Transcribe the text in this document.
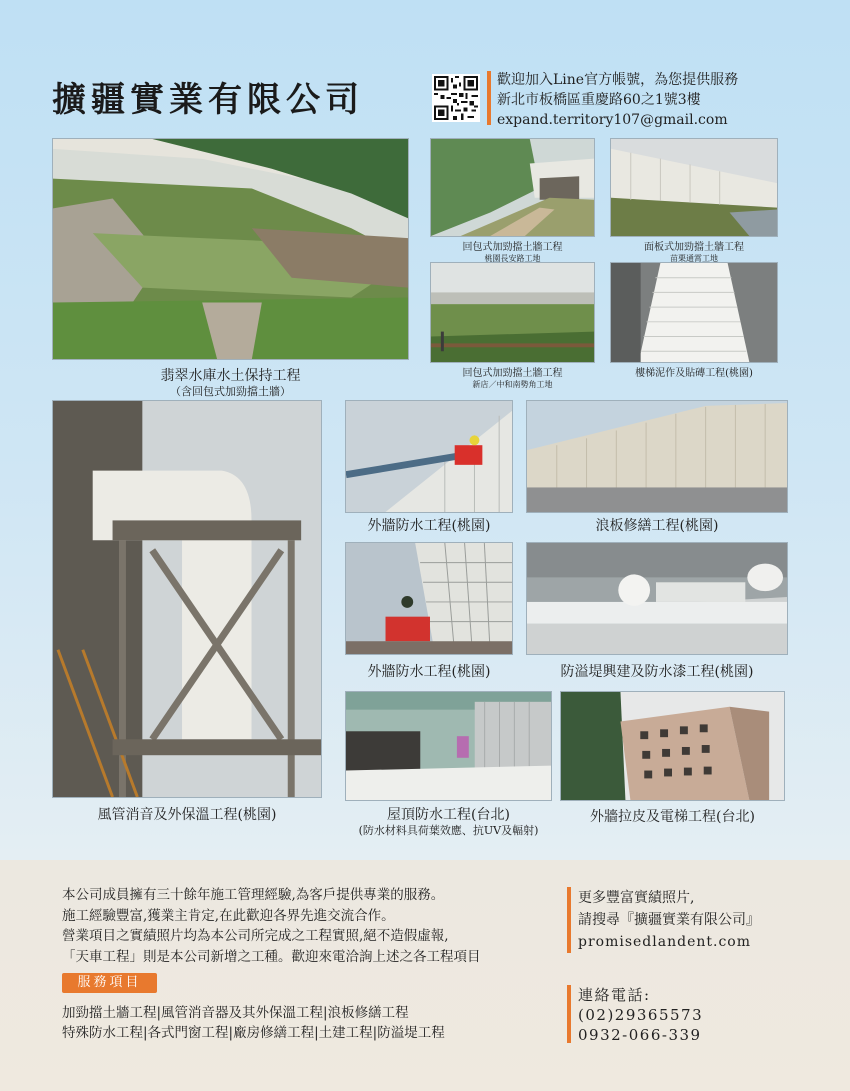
擴疆實業有限公司	歡迎加入Line官方帳號，為您提供服務
新北市板橋區重慶路60之1號3樓
expand.territory107@gmail.com
翡翠水庫水土保持工程
（含回包式加勁擋土牆）
回包式加勁擋土牆工程
桃園長安路工地
面板式加勁擋土牆工程
苗栗通霄工地
回包式加勁擋土牆工程
新店／中和南勢角工地
樓梯泥作及貼磚工程(桃園)
風管消音及外保溫工程(桃園)
外牆防水工程(桃園)	浪板修繕工程(桃園)
外牆防水工程(桃園)	防溢堤興建及防水漆工程(桃園)
屋頂防水工程(台北)
(防水材料具荷葉效應、抗UV及輻射)
外牆拉皮及電梯工程(台北)

本公司成員擁有三十餘年施工管理經驗,為客戶提供專業的服務。

施工經驗豐富,獲業主肯定,在此歡迎各界先進交流合作。

營業項目之實績照片均為本公司所完成之工程實照,絕不造假虛報,

「天車工程」則是本公司新增之工種。歡迎來電洽詢上述之各工程項目

服務項目

加勁擋土牆工程|風管消音器及其外保溫工程|浪板修繕工程

特殊防水工程|各式門窗工程|廠房修繕工程|土建工程|防溢堤工程

更多豐富實績照片,

請搜尋『擴疆實業有限公司』

promisedlandent.com

連絡電話:

(02)29365573

0932-066-339
